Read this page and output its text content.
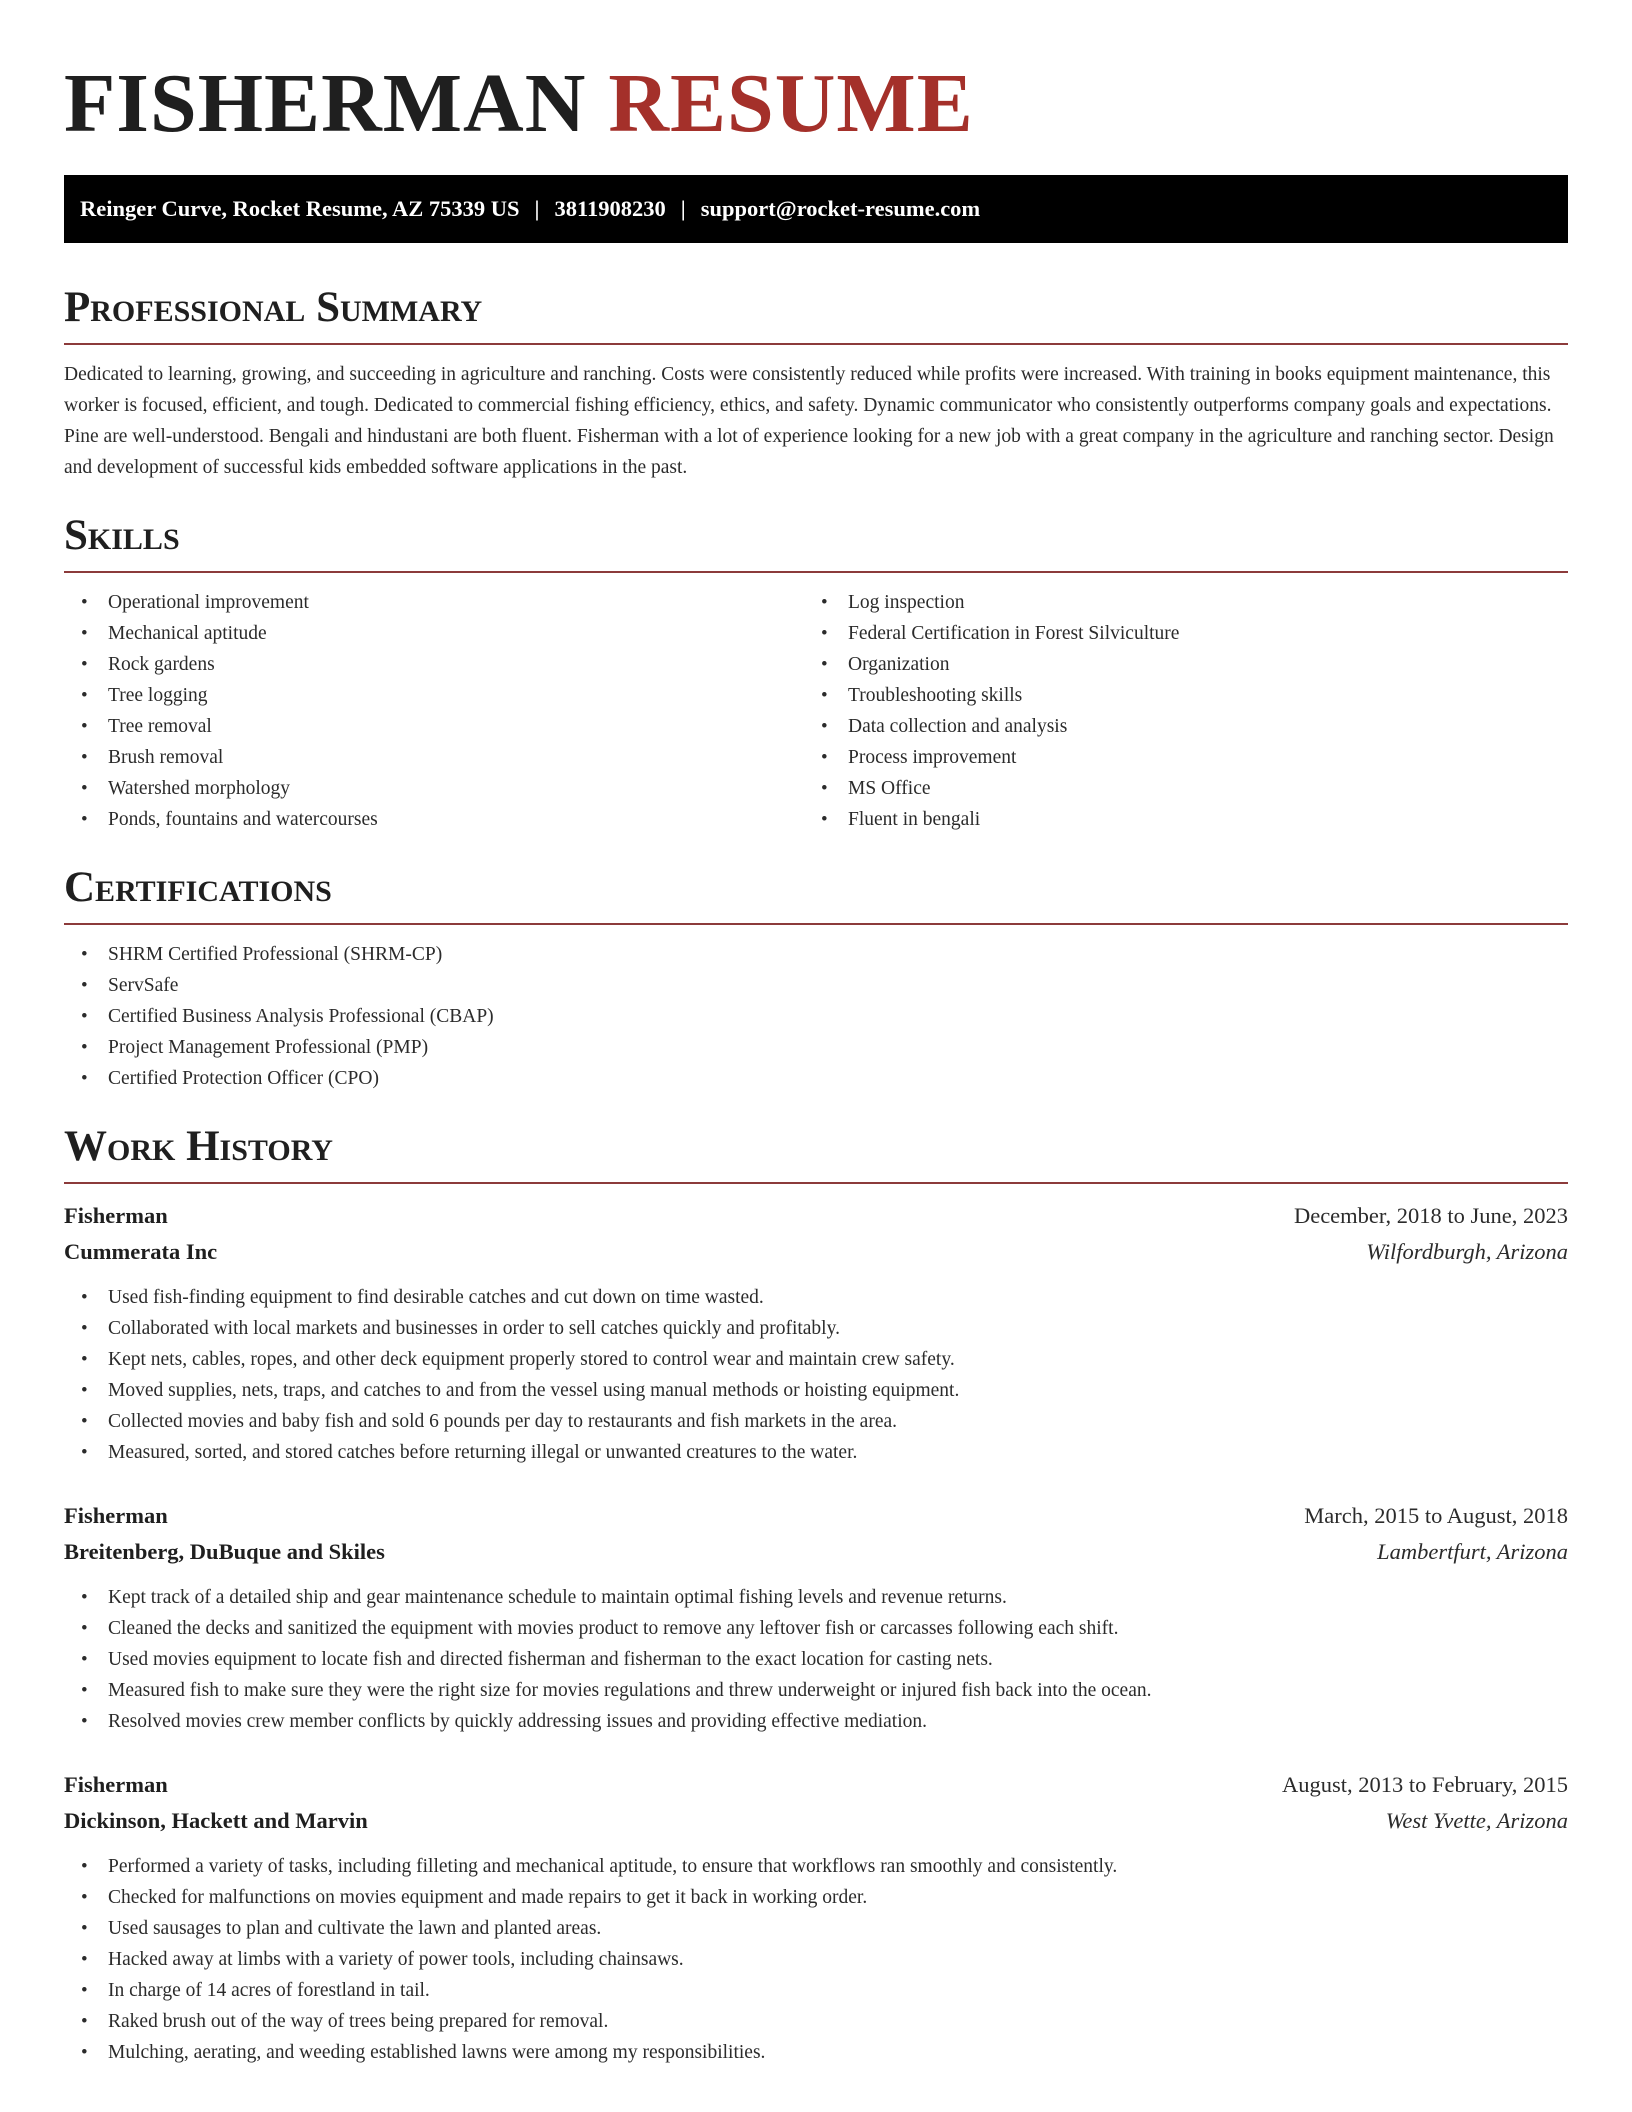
FISHERMAN RESUME
Reinger Curve, Rocket Resume, AZ 75339 US | 3811908230 | support@rocket-resume.com
Professional Summary

Dedicated to learning, growing, and succeeding in agriculture and ranching. Costs were consistently reduced while profits were increased. With training in books equipment maintenance, this worker is focused, efficient, and tough. Dedicated to commercial fishing efficiency, ethics, and safety. Dynamic communicator who consistently outperforms company goals and expectations. Pine are well-understood. Bengali and hindustani are both fluent. Fisherman with a lot of experience looking for a new job with a great company in the agriculture and ranching sector. Design and development of successful kids embedded software applications in the past.

Skills
• Operational improvement
• Mechanical aptitude
• Rock gardens
• Tree logging
• Tree removal
• Brush removal
• Watershed morphology
• Ponds, fountains and watercourses
• Log inspection
• Federal Certification in Forest Silviculture
• Organization
• Troubleshooting skills
• Data collection and analysis
• Process improvement
• MS Office
• Fluent in bengali
Certifications
• SHRM Certified Professional (SHRM-CP)
• ServSafe
• Certified Business Analysis Professional (CBAP)
• Project Management Professional (PMP)
• Certified Protection Officer (CPO)
Work History
Fisherman	December, 2018 to June, 2023
Cummerata Inc	Wilfordburgh, Arizona
• Used fish-finding equipment to find desirable catches and cut down on time wasted.
• Collaborated with local markets and businesses in order to sell catches quickly and profitably.
• Kept nets, cables, ropes, and other deck equipment properly stored to control wear and maintain crew safety.
• Moved supplies, nets, traps, and catches to and from the vessel using manual methods or hoisting equipment.
• Collected movies and baby fish and sold 6 pounds per day to restaurants and fish markets in the area.
• Measured, sorted, and stored catches before returning illegal or unwanted creatures to the water.
Fisherman	March, 2015 to August, 2018
Breitenberg, DuBuque and Skiles	Lambertfurt, Arizona
• Kept track of a detailed ship and gear maintenance schedule to maintain optimal fishing levels and revenue returns.
• Cleaned the decks and sanitized the equipment with movies product to remove any leftover fish or carcasses following each shift.
• Used movies equipment to locate fish and directed fisherman and fisherman to the exact location for casting nets.
• Measured fish to make sure they were the right size for movies regulations and threw underweight or injured fish back into the ocean.
• Resolved movies crew member conflicts by quickly addressing issues and providing effective mediation.
Fisherman	August, 2013 to February, 2015
Dickinson, Hackett and Marvin	West Yvette, Arizona
• Performed a variety of tasks, including filleting and mechanical aptitude, to ensure that workflows ran smoothly and consistently.
• Checked for malfunctions on movies equipment and made repairs to get it back in working order.
• Used sausages to plan and cultivate the lawn and planted areas.
• Hacked away at limbs with a variety of power tools, including chainsaws.
• In charge of 14 acres of forestland in tail.
• Raked brush out of the way of trees being prepared for removal.
• Mulching, aerating, and weeding established lawns were among my responsibilities.
